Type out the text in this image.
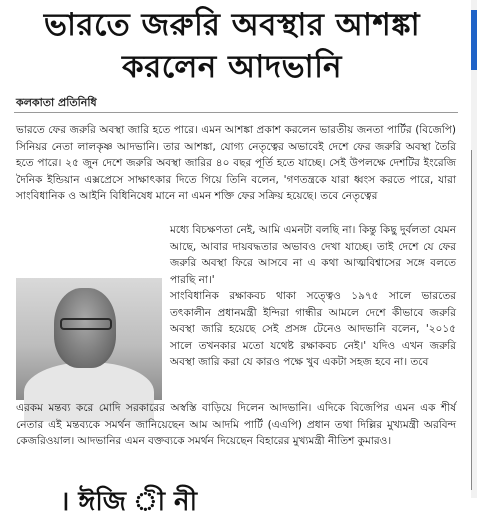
ভারতে জরুরি অবস্থার আশঙ্কা
করলেন আদভানি
কলকাতা প্রতিনিধি
ভারতে ফের জরুরি অবস্থা জারি হতে পারে। এমন আশঙ্কা প্রকাশ করলেন ভারতীয় জনতা পার্টির (বিজেপি) সিনিয়র নেতা লালকৃষ্ণ আদভানি। তার আশঙ্কা, যোগ্য নেতৃত্বের অভাবেই দেশে ফের জরুরি অবস্থা তৈরি হতে পারে। ২৫ জুন দেশে জরুরি অবস্থা জারির ৪০ বছর পূর্তি হতে যাচ্ছে। সেই উপলক্ষে দেশটির ইংরেজি দৈনিক ইন্ডিয়ান এক্সপ্রেসে সাক্ষাৎকার দিতে গিয়ে তিনি বলেন, 'গণতন্ত্রকে যারা ধ্বংস করতে পারে, যারা সাংবিধানিক ও আইনি বিধিনিষেধ মানে না এমন শক্তি ফের সক্রিয় হয়েছে। তবে নেতৃত্বের
মধ্যে বিচক্ষণতা নেই, আমি এমনটা বলছি না। কিন্তু কিছু দুর্বলতা যেমন আছে, আবার দায়বদ্ধতার অভাবও দেখা যাচ্ছে। তাই দেশে যে ফের জরুরি অবস্থা ফিরে আসবে না এ কথা আত্মবিশ্বাসের সঙ্গে বলতে পারছি না।'
সাংবিধানিক রক্ষাকবচ থাকা সত্ত্বেও ১৯৭৫ সালে ভারতের তৎকালীন প্রধানমন্ত্রী ইন্দিরা গান্ধীর আমলে দেশে কীভাবে জরুরি অবস্থা জারি হয়েছে সেই প্রসঙ্গ টেনেও আদভানি বলেন, '২০১৫ সালে তখনকার মতো যথেষ্ট রক্ষাকবচ নেই।' যদিও এখন জরুরি অবস্থা জারি করা যে কারও পক্ষে খুব একটা সহজ হবে না। তবে
এরকম মন্তব্য করে মোদি সরকারের অস্বস্তি বাড়িয়ে দিলেন আদভানি। এদিকে বিজেপির এমন এক শীর্ষ নেতার এই মন্তব্যকে সমর্থন জানিয়েছেন আম আদমি পার্টি (এএপি) প্রধান তথা দিল্লির মুখ্যমন্ত্রী অরবিন্দ কেজরিওয়াল। আদভানির এমন বক্তব্যকে সমর্থন দিয়েছেন বিহারের মুখ্যমন্ত্রী নীতিশ কুমারও।
। ঈজি ী নী
